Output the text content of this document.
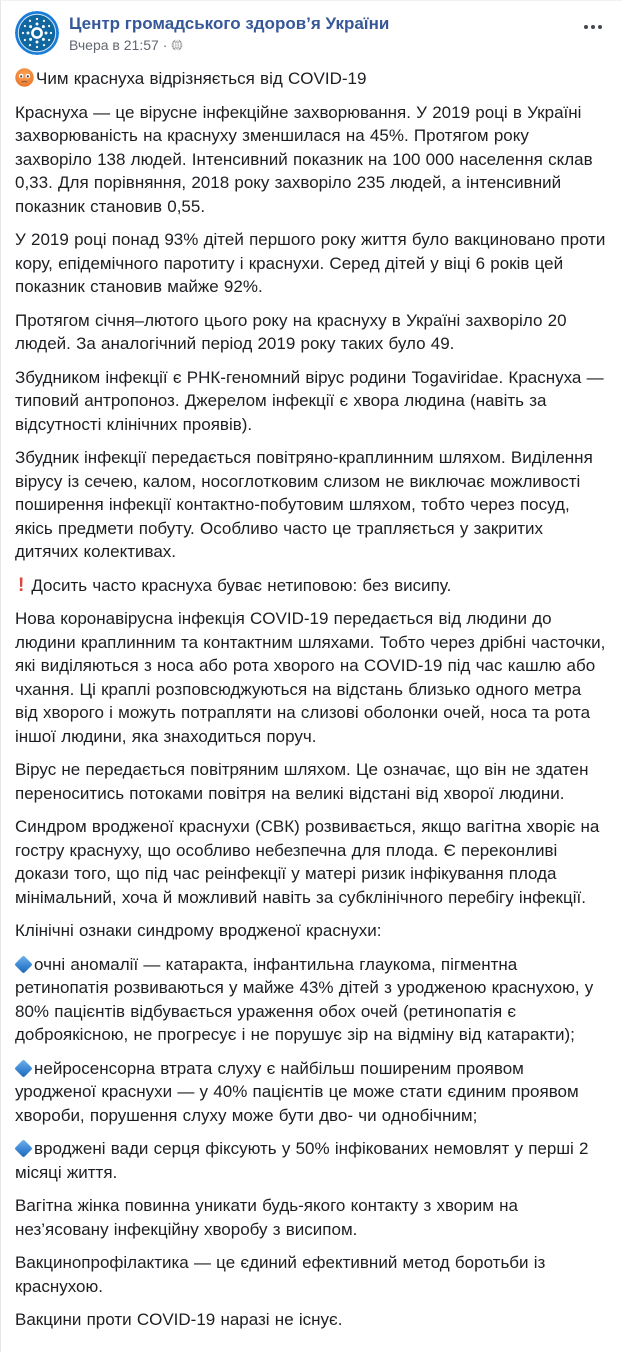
Центр громадського здоров’я України
Вчера в 21:57 ·

Чим краснуха відрізняється від COVID-19

Краснуха — це вірусне інфекційне захворювання. У 2019 році в Україні захворюваність на краснуху зменшилася на 45%. Протягом року захворіло 138 людей. Інтенсивний показник на 100 000 населення склав 0,33. Для порівняння, 2018 року захворіло 235 людей, а інтенсивний показник становив 0,55.

У 2019 році понад 93% дітей першого року життя було вакциновано проти кору, епідемічного паротиту і краснухи. Серед дітей у віці 6 років цей показник становив майже 92%.

Протягом січня–лютого цього року на краснуху в Україні захворіло 20 людей. За аналогічний період 2019 року таких було 49.

Збудником інфекції є РНК-геномний вірус родини Togaviridae. Краснуха — типовий антропоноз. Джерелом інфекції є хвора людина (навіть за відсутності клінічних проявів).

Збудник інфекції передається повітряно-краплинним шляхом. Виділення вірусу із сечею, калом, носоглотковим слизом не виключає можливості поширення інфекції контактно-побутовим шляхом, тобто через посуд, якісь предмети побуту. Особливо часто це трапляється у закритих дитячих колективах.

! Досить часто краснуха буває нетиповою: без висипу.

Нова коронавірусна інфекція COVID-19 передається від людини до людини краплинним та контактним шляхами. Тобто через дрібні часточки, які виділяються з носа або рота хворого на COVID-19 під час кашлю або чхання. Ці краплі розповсюджуються на відстань близько одного метра від хворого і можуть потрапляти на слизові оболонки очей, носа та рота іншої людини, яка знаходиться поруч.

Вірус не передається повітряним шляхом. Це означає, що він не здатен переноситись потоками повітря на великі відстані від хворої людини.

Синдром вродженої краснухи (СВК) розвивається, якщо вагітна хворіє на гостру краснуху, що особливо небезпечна для плода. Є переконливі докази того, що під час реінфекції у матері ризик інфікування плода мінімальний, хоча й можливий навіть за субклінічного перебігу інфекції.

Клінічні ознаки синдрому вродженої краснухи:

очні аномалії — катаракта, інфантильна глаукома, пігментна ретинопатія розвиваються у майже 43% дітей з уродженою краснухою, у 80% пацієнтів відбувається ураження обох очей (ретинопатія є доброякісною, не прогресує і не порушує зір на відміну від катаракти);

нейросенсорна втрата слуху є найбільш поширеним проявом уродженої краснухи — у 40% пацієнтів це може стати єдиним проявом хвороби, порушення слуху може бути дво- чи однобічним;

вроджені вади серця фіксують у 50% інфікованих немовлят у перші 2 місяці життя.

Вагітна жінка повинна уникати будь-якого контакту з хворим на нез’ясовану інфекційну хворобу з висипом.

Вакцинопрофілактика — це єдиний ефективний метод боротьби із краснухою.

Вакцини проти COVID-19 наразі не існує.
